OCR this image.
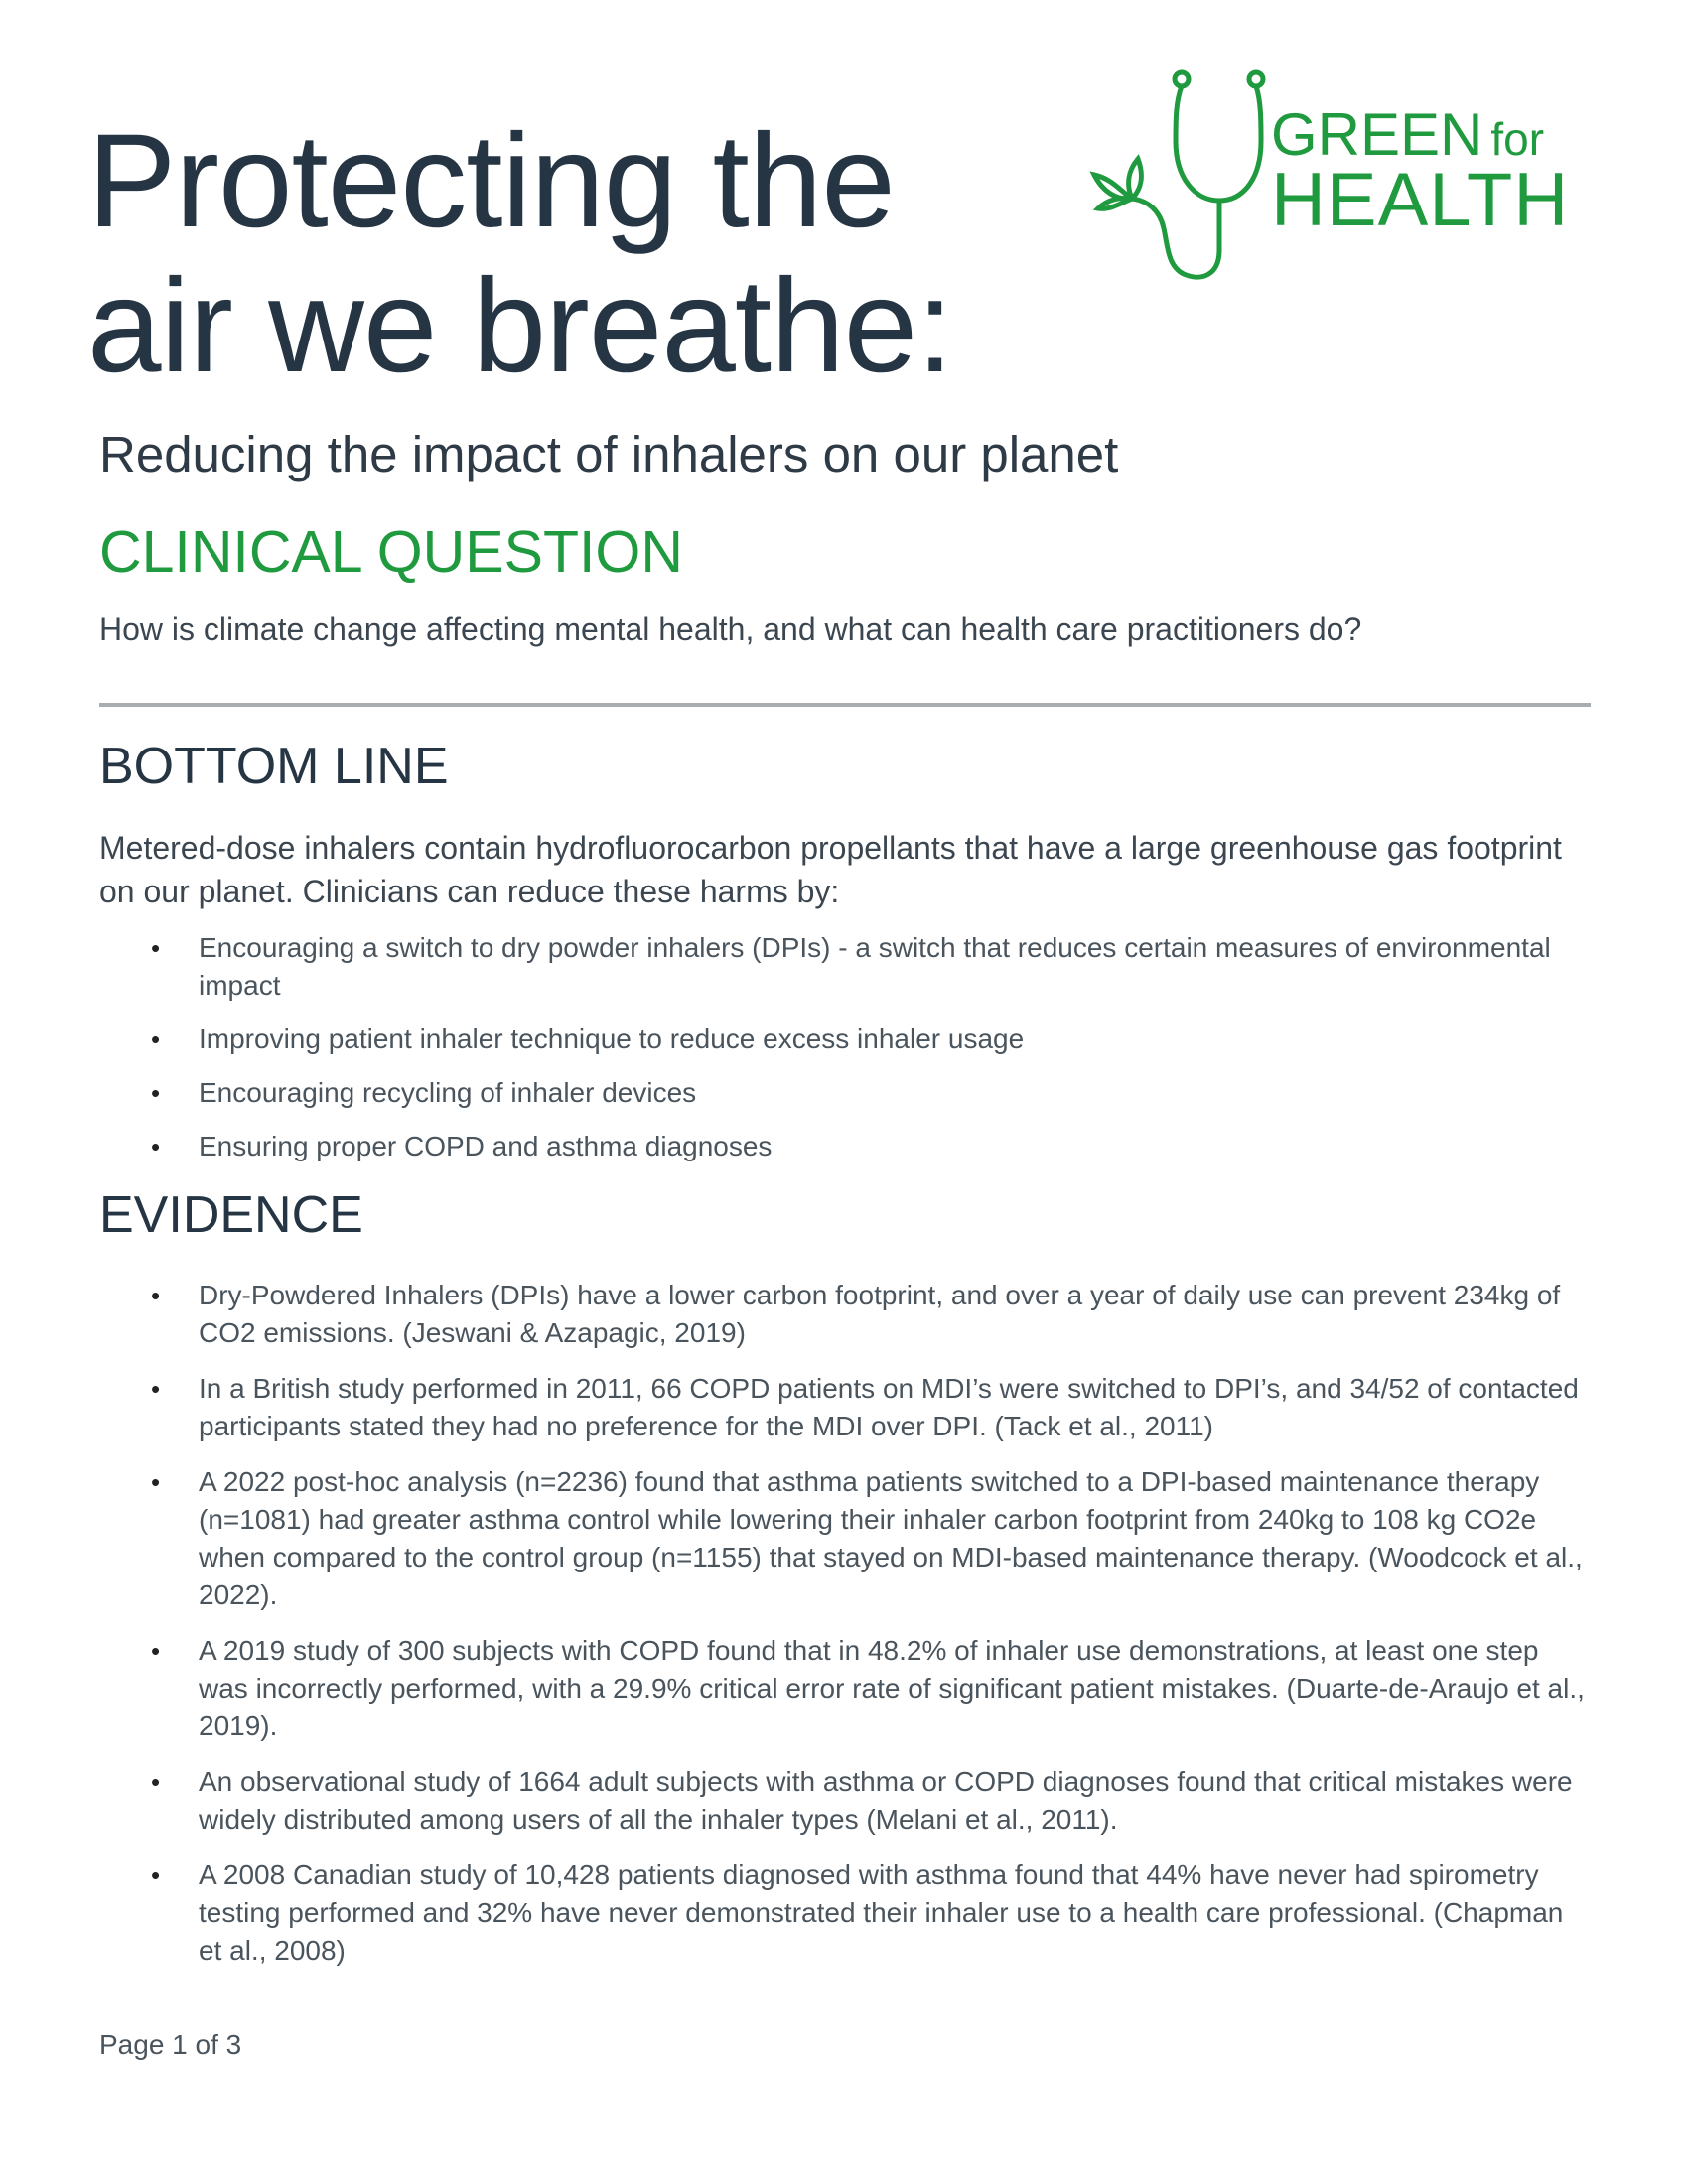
Protecting the
air we breathe:
GREEN for
HEALTH
Reducing the impact of inhalers on our planet
CLINICAL QUESTION
How is climate change affecting mental health, and what can health care practitioners do?
BOTTOM LINE
Metered-dose inhalers contain hydrofluorocarbon propellants that have a large greenhouse gas footprint on our planet. Clinicians can reduce these harms by:
• Encouraging a switch to dry powder inhalers (DPIs) - a switch that reduces certain measures of environmental impact
• Improving patient inhaler technique to reduce excess inhaler usage
• Encouraging recycling of inhaler devices
• Ensuring proper COPD and asthma diagnoses
EVIDENCE
• Dry-Powdered Inhalers (DPIs) have a lower carbon footprint, and over a year of daily use can prevent 234kg of CO2 emissions. (Jeswani & Azapagic, 2019)
• In a British study performed in 2011, 66 COPD patients on MDI’s were switched to DPI’s, and 34/52 of contacted participants stated they had no preference for the MDI over DPI. (Tack et al., 2011)
• A 2022 post-hoc analysis (n=2236) found that asthma patients switched to a DPI-based maintenance therapy (n=1081) had greater asthma control while lowering their inhaler carbon footprint from 240kg to 108 kg CO2e when compared to the control group (n=1155) that stayed on MDI-based maintenance therapy. (Woodcock et al., 2022).
• A 2019 study of 300 subjects with COPD found that in 48.2% of inhaler use demonstrations, at least one step was incorrectly performed, with a 29.9% critical error rate of significant patient mistakes. (Duarte-de-Araujo et al., 2019).
• An observational study of 1664 adult subjects with asthma or COPD diagnoses found that critical mistakes were widely distributed among users of all the inhaler types (Melani et al., 2011).
• A 2008 Canadian study of 10,428 patients diagnosed with asthma found that 44% have never had spirometry testing performed and 32% have never demonstrated their inhaler use to a health care professional. (Chapman et al., 2008)
Page 1 of 3
